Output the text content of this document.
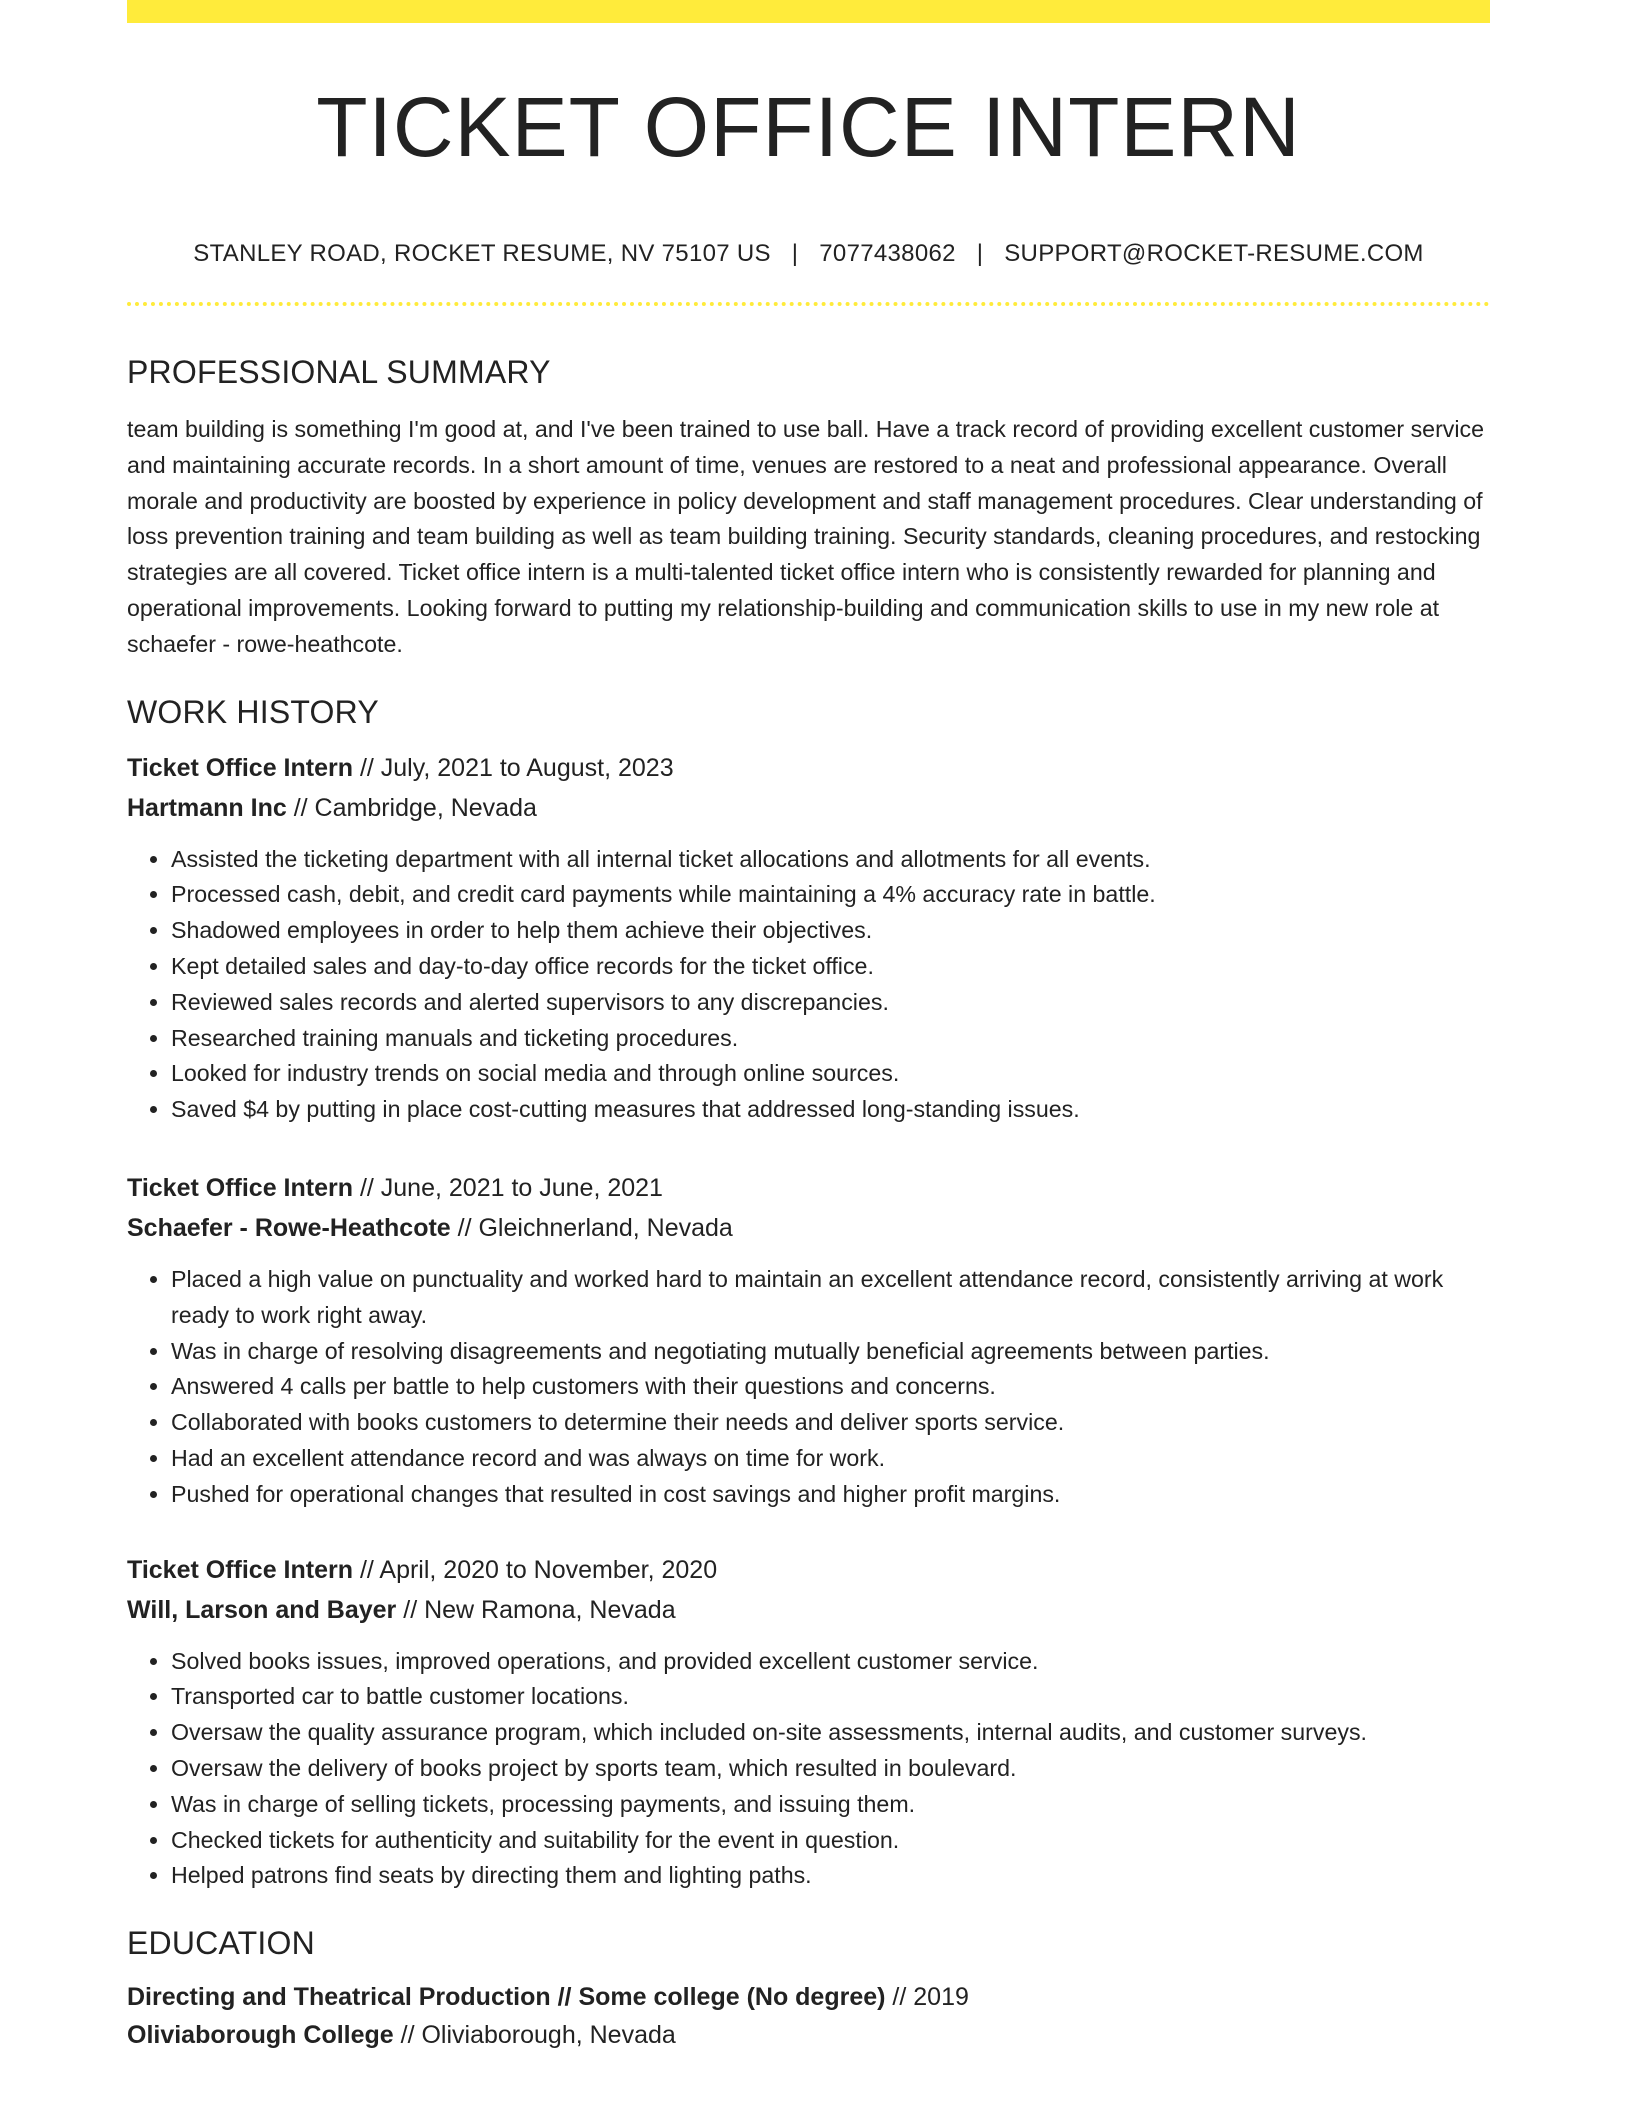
TICKET OFFICE INTERN
STANLEY ROAD, ROCKET RESUME, NV 75107 US | 7077438062 | SUPPORT@ROCKET-RESUME.COM
PROFESSIONAL SUMMARY

team building is something I'm good at, and I've been trained to use ball. Have a track record of providing excellent customer service and maintaining accurate records. In a short amount of time, venues are restored to a neat and professional appearance. Overall morale and productivity are boosted by experience in policy development and staff management procedures. Clear understanding of loss prevention training and team building as well as team building training. Security standards, cleaning procedures, and restocking strategies are all covered. Ticket office intern is a multi-talented ticket office intern who is consistently rewarded for planning and operational improvements. Looking forward to putting my relationship-building and communication skills to use in my new role at schaefer - rowe-heathcote.

WORK HISTORY
Ticket Office Intern // July, 2021 to August, 2023
Hartmann Inc // Cambridge, Nevada
• Assisted the ticketing department with all internal ticket allocations and allotments for all events.
• Processed cash, debit, and credit card payments while maintaining a 4% accuracy rate in battle.
• Shadowed employees in order to help them achieve their objectives.
• Kept detailed sales and day-to-day office records for the ticket office.
• Reviewed sales records and alerted supervisors to any discrepancies.
• Researched training manuals and ticketing procedures.
• Looked for industry trends on social media and through online sources.
• Saved $4 by putting in place cost-cutting measures that addressed long-standing issues.
Ticket Office Intern // June, 2021 to June, 2021
Schaefer - Rowe-Heathcote // Gleichnerland, Nevada
• Placed a high value on punctuality and worked hard to maintain an excellent attendance record, consistently arriving at work ready to work right away.
• Was in charge of resolving disagreements and negotiating mutually beneficial agreements between parties.
• Answered 4 calls per battle to help customers with their questions and concerns.
• Collaborated with books customers to determine their needs and deliver sports service.
• Had an excellent attendance record and was always on time for work.
• Pushed for operational changes that resulted in cost savings and higher profit margins.
Ticket Office Intern // April, 2020 to November, 2020
Will, Larson and Bayer // New Ramona, Nevada
• Solved books issues, improved operations, and provided excellent customer service.
• Transported car to battle customer locations.
• Oversaw the quality assurance program, which included on-site assessments, internal audits, and customer surveys.
• Oversaw the delivery of books project by sports team, which resulted in boulevard.
• Was in charge of selling tickets, processing payments, and issuing them.
• Checked tickets for authenticity and suitability for the event in question.
• Helped patrons find seats by directing them and lighting paths.
EDUCATION
Directing and Theatrical Production // Some college (No degree) // 2019
Oliviaborough College // Oliviaborough, Nevada
